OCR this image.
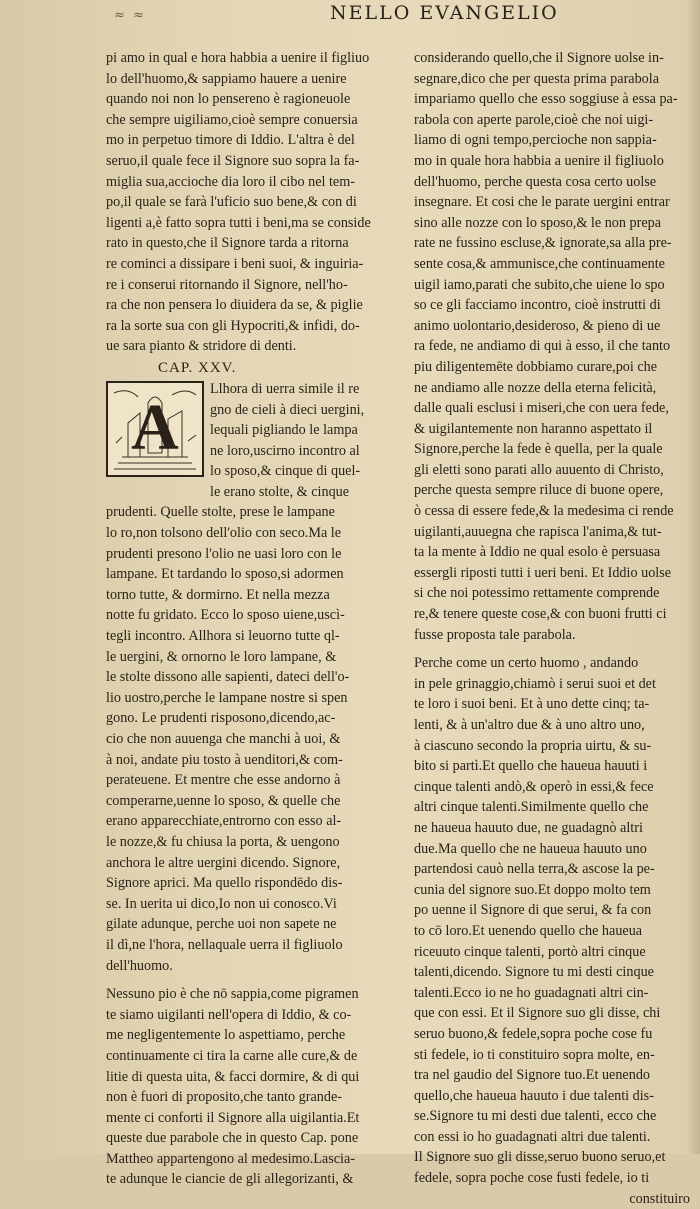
≈ ≈	NELLO EVANGELIO
pi amo in qual e hora habbia a uenire il figliuo
lo dell'huomo,& sappiamo hauere a uenire
quando noi non lo pensereno è ragioneuole
che sempre uigiliamo,cioè sempre conuersia
mo in perpetuo timore di Iddio. L'altra è del
seruo,il quale fece il Signore suo sopra la fa-
miglia sua,accioche dia loro il cibo nel tem-
po,il quale se farà l'uficio suo bene,& con di
ligenti a,è fatto sopra tutti i beni,ma se conside
rato in questo,che il Signore tarda a ritorna
re cominci a dissipare i beni suoi, & inguiria-
re i conserui ritornando il Signore, nell'ho-
ra che non pensera lo diuidera da se, & piglie
ra la sorte sua con gli Hypocriti,& infidi, do-
ue sara pianto & stridore di denti.
CAP. XXV.
A
Llhora di uerra simile il re
gno de cieli à dieci uergini,
lequali pigliando le lampa
ne loro,uscirno incontro al
lo sposo,& cinque di quel-
le erano stolte, & cinque
prudenti. Quelle stolte, prese le lampane
lo ro,non tolsono dell'olio con seco.Ma le
prudenti presono l'olio ne uasi loro con le
lampane. Et tardando lo sposo,si adormen
torno tutte, & dormirno. Et nella mezza
notte fu gridato. Ecco lo sposo uiene,uscì-
tegli incontro. Allhora si leuorno tutte ql-
le uergini, & ornorno le loro lampane, &
le stolte dissono alle sapienti, dateci dell'o-
lio uostro,perche le lampane nostre si spen
gono. Le prudenti risposono,dicendo,ac-
cio che non auuenga che manchi à uoi, &
à noi, andate piu tosto à uenditori,& com-
perateuene. Et mentre che esse andorno à
comperarne,uenne lo sposo, & quelle che
erano apparecchiate,entrorno con esso al-
le nozze,& fu chiusa la porta, & uengono
anchora le altre uergini dicendo. Signore,
Signore aprici. Ma quello rispondēdo dis-
se. In uerita ui dico,Io non ui conosco.Vi
gilate adunque, perche uoi non sapete ne
il dì,ne l'hora, nellaquale uerra il figliuolo
dell'huomo.
Nessuno pio è che nō sappia,come pigramen
te siamo uigilanti nell'opera di Iddio, & co-
me negligentemente lo aspettiamo, perche
continuamente ci tira la carne alle cure,& de
litie di questa uita, & facci dormire, & di qui
non è fuori di proposito,che tanto grande-
mente ci conforti il Signore alla uigilantia.Et
queste due parabole che in questo Cap. pone
Mattheo appartengono al medesimo.Lascia-
te adunque le ciancie de gli allegorizanti, &
considerando quello,che il Signore uolse in-
segnare,dico che per questa prima parabola
impariamo quello che esso soggiuse à essa pa-
rabola con aperte parole,cioè che noi uigi-
liamo di ogni tempo,percioche non sappia-
mo in quale hora habbia a uenire il figliuolo
dell'huomo, perche questa cosa certo uolse
insegnare. Et cosi che le parate uergini entrar
sino alle nozze con lo sposo,& le non prepa
rate ne fussino escluse,& ignorate,sa alla pre-
sente cosa,& ammunisce,che continuamente
uigil iamo,parati che subito,che uiene lo spo
so ce gli facciamo incontro, cioè instrutti di
animo uolontario,desideroso, & pieno di ue
ra fede, ne andiamo di qui à esso, il che tanto
piu diligentemēte dobbiamo curare,poi che
ne andiamo alle nozze della eterna felicità,
dalle quali esclusi i miseri,che con uera fede,
& uigilantemente non haranno aspettato il
Signore,perche la fede è quella, per la quale
gli eletti sono parati allo auuento di Christo,
perche questa sempre riluce di buone opere,
ò cessa di essere fede,& la medesima ci rende
uigilanti,auuegna che rapisca l'anima,& tut-
ta la mente à Iddio ne qual esolo è persuasa
essergli riposti tutti i ueri beni. Et Iddio uolse
si che noi potessimo rettamente comprende
re,& tenere queste cose,& con buoni frutti ci
fusse proposta tale parabola.
Perche come un certo huomo , andando
in pele grinaggio,chiamò i serui suoi et det
te loro i suoi beni. Et à uno dette cinq; ta-
lenti, & à un'altro due & à uno altro uno,
à ciascuno secondo la propria uirtu, & su-
bito si partì.Et quello che haueua hauuti i
cinque talenti andò,& operò in essi,& fece
altri cinque talenti.Similmente quello che
ne haueua hauuto due, ne guadagnò altri
due.Ma quello che ne haueua hauuto uno
partendosi cauò nella terra,& ascose la pe-
cunia del signore suo.Et doppo molto tem
po uenne il Signore di que serui, & fa con
to cō loro.Et uenendo quello che haueua
riceuuto cinque talenti, portò altri cinque
talenti,dicendo. Signore tu mi desti cinque
talenti.Ecco io ne ho guadagnati altri cin-
que con essi. Et il Signore suo gli disse, chi
seruo buono,& fedele,sopra poche cose fu
sti fedele, io ti constituiro sopra molte, en-
tra nel gaudio del Signore tuo.Et uenendo
quello,che haueua hauuto i due talenti dis-
se.Signore tu mi desti due talenti, ecco che
con essi io ho guadagnati altri due talenti.
Il Signore suo gli disse,seruo buono seruo,et
fedele, sopra poche cose fusti fedele, io ti
constituiro
